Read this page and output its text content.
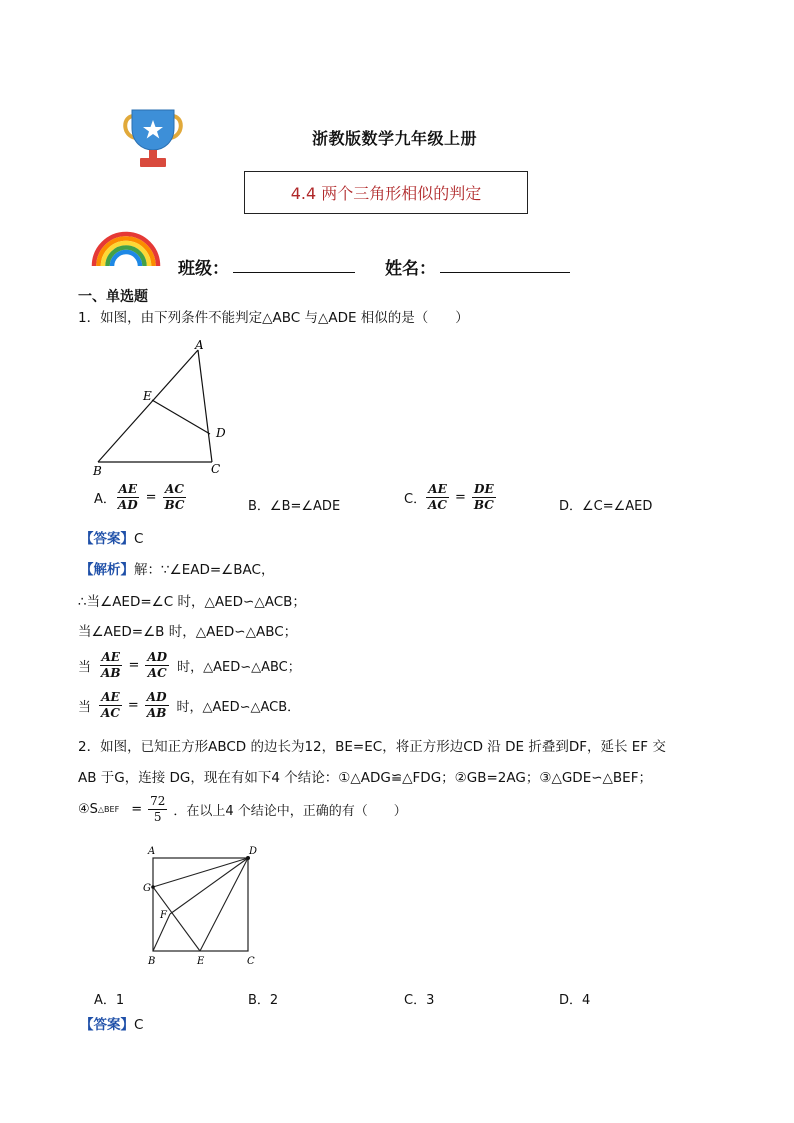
浙教版数学九年级上册
4.4 两个三角形相似的判定
班级：	姓名：
一、单选题
1．如图，由下列条件不能判定△ABC 与△ADE 相似的是（　　）
A
B	C
D
E
A． $\frac{AE}{AD} = \frac{AC}{BC}$	B．∠B=∠ADE	C． $\frac{AE}{AC} = \frac{DE}{BC}$	D．∠C=∠AED
【答案】C
【解析】解：∵∠EAD=∠BAC，
∴当∠AED=∠C 时，△AED∽△ACB；
当∠AED=∠B 时，△AED∽△ABC；
当 $\frac{AE}{AB} = \frac{AD}{AC}$ 时，△AED∽△ABC；
当 $\frac{AE}{AC} = \frac{AD}{AB}$ 时，△AED∽△ACB．
2．如图，已知正方形ABCD 的边长为12，BE=EC，将正方形边CD 沿 DE 折叠到DF，延长 EF 交
AB 于G，连接 DG，现在有如下4 个结论：①△ADG≌△FDG；②GB=2AG；③△GDE∽△BEF；
④S △BEF = $\frac{72}{5}$ ．在以上4 个结论中，正确的有（　　）
A	D
G
F
B	E	C
A．1	B．2	C．3	D．4
【答案】C
